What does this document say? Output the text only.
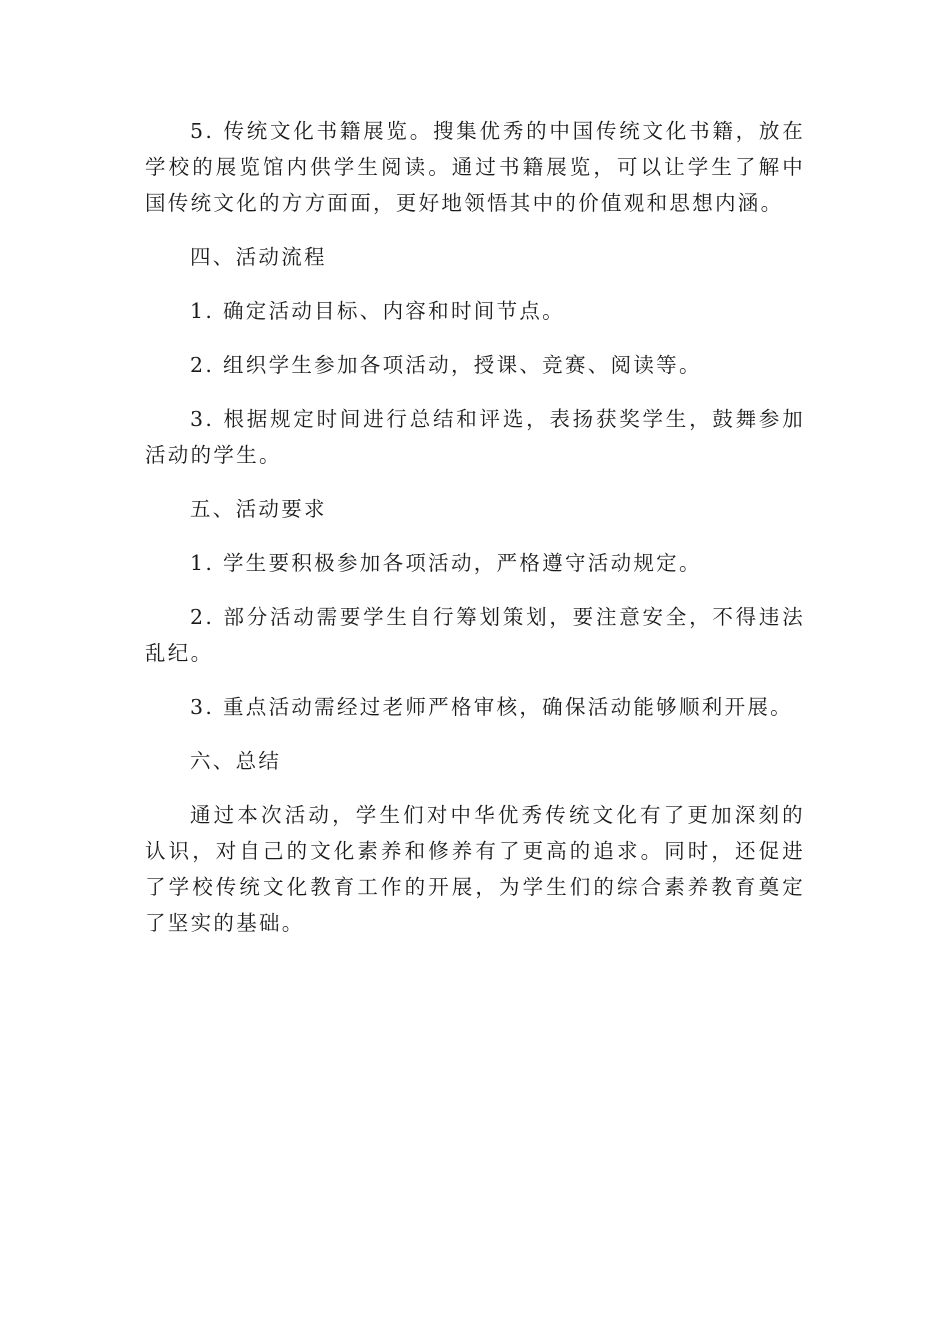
5. 传统文化书籍展览。搜集优秀的中国传统文化书籍，放在学校的展览馆内供学生阅读。通过书籍展览，可以让学生了解中国传统文化的方方面面，更好地领悟其中的价值观和思想内涵。

四、活动流程

1. 确定活动目标、内容和时间节点。

2. 组织学生参加各项活动，授课、竞赛、阅读等。

3. 根据规定时间进行总结和评选，表扬获奖学生，鼓舞参加活动的学生。

五、活动要求

1. 学生要积极参加各项活动，严格遵守活动规定。

2. 部分活动需要学生自行筹划策划，要注意安全，不得违法乱纪。

3. 重点活动需经过老师严格审核，确保活动能够顺利开展。

六、总结

通过本次活动，学生们对中华优秀传统文化有了更加深刻的认识，对自己的文化素养和修养有了更高的追求。同时，还促进了学校传统文化教育工作的开展，为学生们的综合素养教育奠定了坚实的基础。
